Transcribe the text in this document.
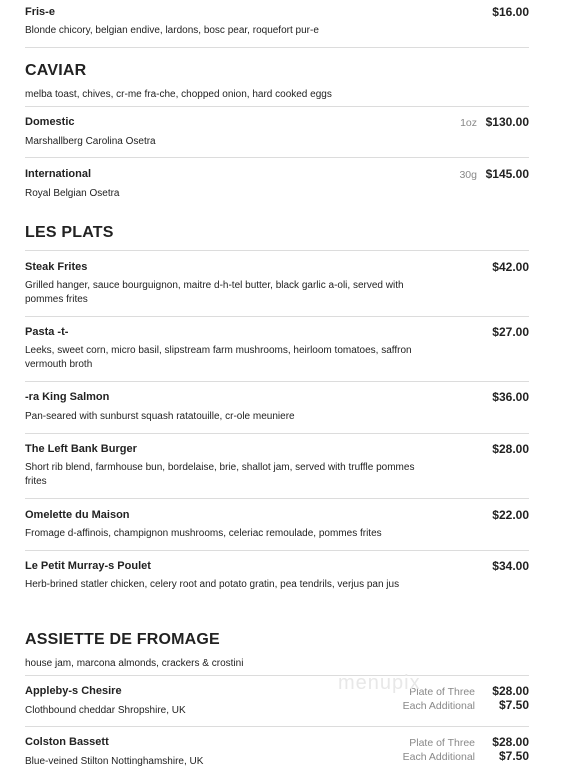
Fris-e	$16.00
Blonde chicory, belgian endive, lardons, bosc pear, roquefort pur-e
CAVIAR
melba toast, chives, cr-me fra-che, chopped onion, hard cooked eggs
Domestic	1oz $130.00
Marshallberg Carolina Osetra
International	30g $145.00
Royal Belgian Osetra
LES PLATS
Steak Frites	$42.00
Grilled hanger, sauce bourguignon, maitre d-h-tel butter, black garlic a-oli, served with pommes frites
Pasta -t-	$27.00
Leeks, sweet corn, micro basil, slipstream farm mushrooms, heirloom tomatoes, saffron vermouth broth
-ra King Salmon	$36.00
Pan-seared with sunburst squash ratatouille, cr-ole meuniere
The Left Bank Burger	$28.00
Short rib blend, farmhouse bun, bordelaise, brie, shallot jam, served with truffle pommes frites
Omelette du Maison	$22.00
Fromage d-affinois, champignon mushrooms, celeriac remoulade, pommes frites
Le Petit Murray-s Poulet	$34.00
Herb-brined statler chicken, celery root and potato gratin, pea tendrils, verjus pan jus
ASSIETTE DE FROMAGE
house jam, marcona almonds, crackers & crostini
Appleby-s Chesire
Clothbound cheddar Shropshire, UK
Plate of Three $28.00
Each Additional $7.50
Colston Bassett
Blue-veined Stilton Nottinghamshire, UK
Plate of Three $28.00
Each Additional $7.50
menupix
